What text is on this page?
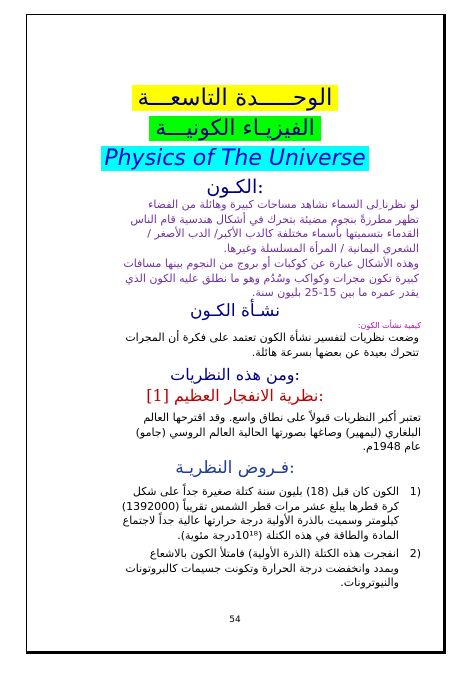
الوحـــــدة التاسعـــة
الفيزيـاء الكونيـــة
Physics of The Universe
الكـون:
لو نظرنا ِلى السماء نشاهد مساحات كبيرة وهائلة من الفضاء
تظهر مطرزةً بنجوم مضيئة بتحرك في أشكال هندسية قام الناس
القدماء بتسميتها بأسماء مختلفة كالدب الأكبر/ الدب الأصغر /
الشعري اليمانية / المرأة المسلسلة وغيرها.
وهذه الأشكال عبارة عن كوكبات أو بروج من النجوم بينها مسافات
كبيرة تكون مجرات وكواكب وسُدُم وهو ما نطلق عليه الكون الذي
يقدر عمره ما بين 15-25 بليون سنة.
نشـأة الكـون
كيفية نشأت الكون:
وضعت نظريات لتفسير نشأة الكون تعتمد على فكرة أن المجرات
تتحرك بعيدة عن بعضها بسرعة هائلة.
ومن هذه النظريات:
[1] نظرية الانفجار العظيم:
تعتبر أكبر النظريات قبولاً على نطاق واسع. وقد اقترحها العالم
البلغاري (ليمهير) وصاغها بصورتها الحالية العالم الروسي (جامو)
عام 1948م.
فـروض النظريـة:
1)
الكون كان قبل (18) بليون سنة كتلة صغيرة جداً على شكل
كرة قطرها يبلغ عشر مرات قطر الشمس تقريباً (1392000)
كيلومتر وسميت بالذرة الأولية درجة حرارتها عالية جداً لاجتماع
المادة والطاقة في هذه الكتلة (10¹⁸درجة مئوية).
2)
انفجرت هذه الكتلة (الذرة الأولية) فامتلأ الكون بالاشعاع
وبمدد وانخفضت درجة الحرارة وتكونت جسيمات كالبروتونات
والنيوترونات.
54
